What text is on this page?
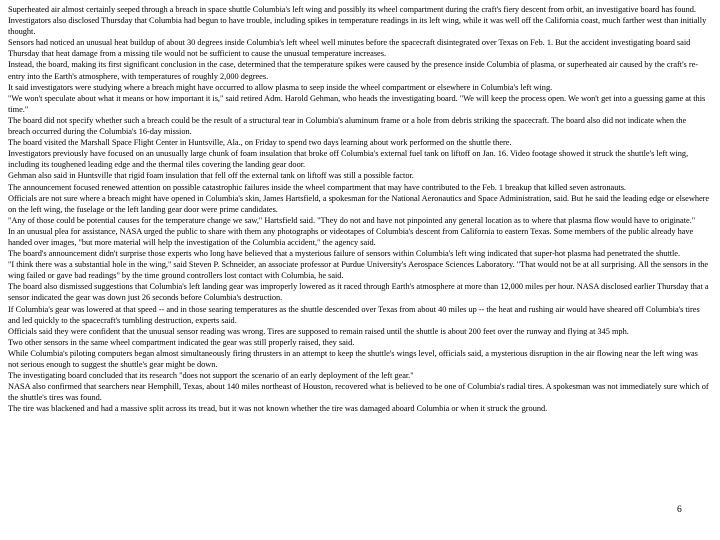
Superheated air almost certainly seeped through a breach in space shuttle Columbia's left wing and possibly its wheel compartment during the craft's fiery descent from orbit, an investigative board has found.

Investigators also disclosed Thursday that Columbia had begun to have trouble, including spikes in temperature readings in its left wing, while it was well off the California coast, much farther west than initially thought.

Sensors had noticed an unusual heat buildup of about 30 degrees inside Columbia's left wheel well minutes before the spacecraft disintegrated over Texas on Feb. 1. But the accident investigating board said Thursday that heat damage from a missing tile would not be sufficient to cause the unusual temperature increases.

Instead, the board, making its first significant conclusion in the case, determined that the temperature spikes were caused by the presence inside Columbia of plasma, or superheated air caused by the craft's re-entry into the Earth's atmosphere, with temperatures of roughly 2,000 degrees.

It said investigators were studying where a breach might have occurred to allow plasma to seep inside the wheel compartment or elsewhere in Columbia's left wing.

"We won't speculate about what it means or how important it is," said retired Adm. Harold Gehman, who heads the investigating board. "We will keep the process open. We won't get into a guessing game at this time."

The board did not specify whether such a breach could be the result of a structural tear in Columbia's aluminum frame or a hole from debris striking the spacecraft. The board also did not indicate when the breach occurred during the Columbia's 16-day mission.

The board visited the Marshall Space Flight Center in Huntsville, Ala., on Friday to spend two days learning about work performed on the shuttle there.

Investigators previously have focused on an unusually large chunk of foam insulation that broke off Columbia's external fuel tank on liftoff on Jan. 16. Video footage showed it struck the shuttle's left wing, including its toughened leading edge and the thermal tiles covering the landing gear door.

Gehman also said in Huntsville that rigid foam insulation that fell off the external tank on liftoff was still a possible factor.

The announcement focused renewed attention on possible catastrophic failures inside the wheel compartment that may have contributed to the Feb. 1 breakup that killed seven astronauts.

Officials are not sure where a breach might have opened in Columbia's skin, James Hartsfield, a spokesman for the National Aeronautics and Space Administration, said. But he said the leading edge or elsewhere on the left wing, the fuselage or the left landing gear door were prime candidates.

"Any of those could be potential causes for the temperature change we saw," Hartsfield said. "They do not and have not pinpointed any general location as to where that plasma flow would have to originate."

In an unusual plea for assistance, NASA urged the public to share with them any photographs or videotapes of Columbia's descent from California to eastern Texas. Some members of the public already have handed over images, "but more material will help the investigation of the Columbia accident," the agency said.

The board's announcement didn't surprise those experts who long have believed that a mysterious failure of sensors within Columbia's left wing indicated that super-hot plasma had penetrated the shuttle.

"I think there was a substantial hole in the wing," said Steven P. Schneider, an associate professor at Purdue University's Aerospace Sciences Laboratory. "That would not be at all surprising. All the sensors in the wing failed or gave bad readings" by the time ground controllers lost contact with Columbia, he said.

The board also dismissed suggestions that Columbia's left landing gear was improperly lowered as it raced through Earth's atmosphere at more than 12,000 miles per hour. NASA disclosed earlier Thursday that a sensor indicated the gear was down just 26 seconds before Columbia's destruction.

If Columbia's gear was lowered at that speed -- and in those searing temperatures as the shuttle descended over Texas from about 40 miles up -- the heat and rushing air would have sheared off Columbia's tires and led quickly to the spacecraft's tumbling destruction, experts said.

Officials said they were confident that the unusual sensor reading was wrong. Tires are supposed to remain raised until the shuttle is about 200 feet over the runway and flying at 345 mph.

Two other sensors in the same wheel compartment indicated the gear was still properly raised, they said.

While Columbia's piloting computers began almost simultaneously firing thrusters in an attempt to keep the shuttle's wings level, officials said, a mysterious disruption in the air flowing near the left wing was not serious enough to suggest the shuttle's gear might be down.

The investigating board concluded that its research "does not support the scenario of an early deployment of the left gear."

NASA also confirmed that searchers near Hemphill, Texas, about 140 miles northeast of Houston, recovered what is believed to be one of Columbia's radial tires. A spokesman was not immediately sure which of the shuttle's tires was found.

The tire was blackened and had a massive split across its tread, but it was not known whether the tire was damaged aboard Columbia or when it struck the ground.

6
